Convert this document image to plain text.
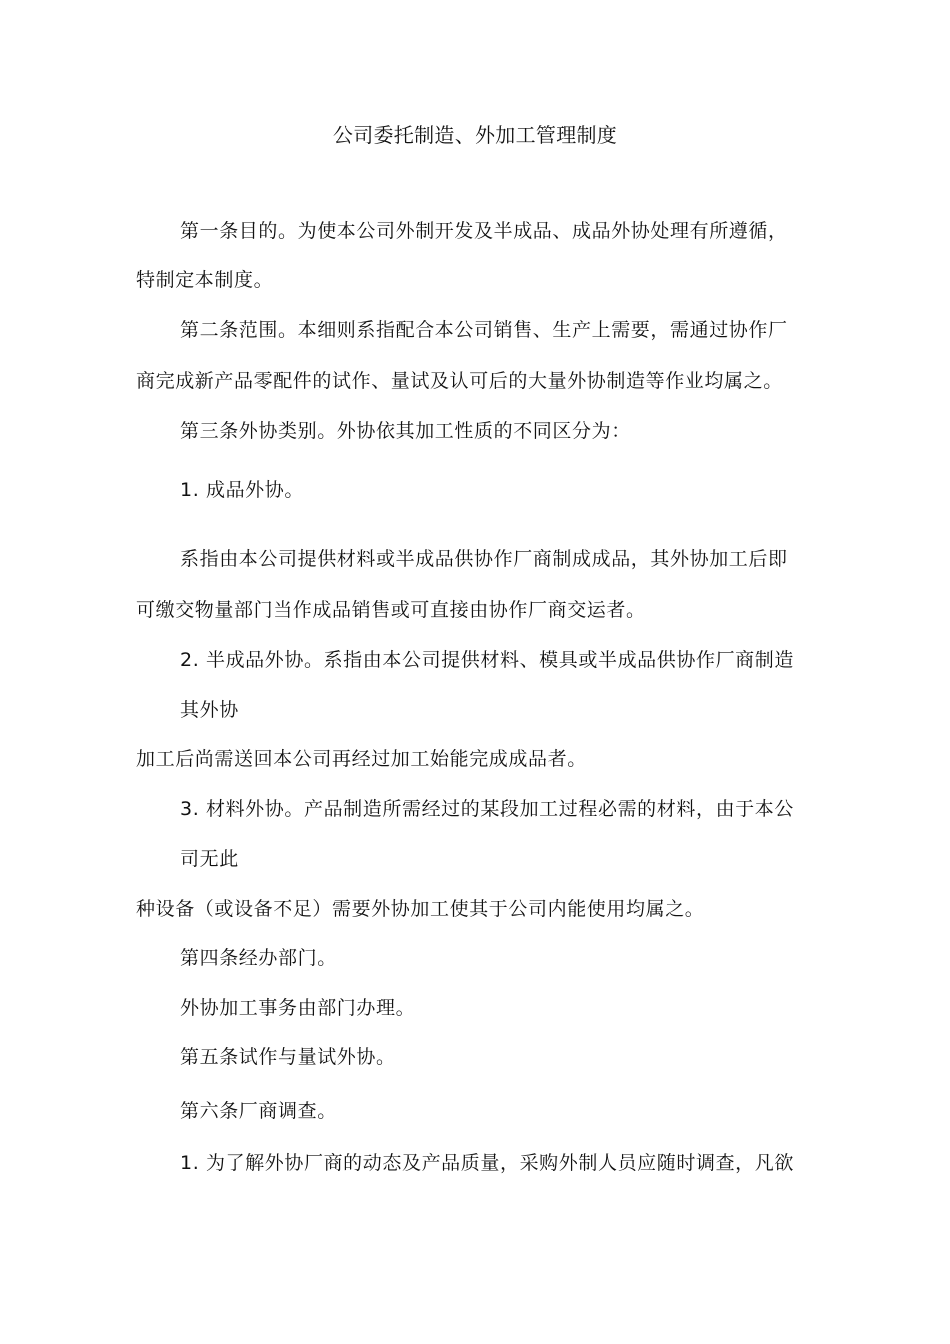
公司委托制造、外加工管理制度
第一条目的。为使本公司外制开发及半成品、成品外协处理有所遵循，
特制定本制度。
第二条范围。本细则系指配合本公司销售、生产上需要，需通过协作厂
商完成新产品零配件的试作、量试及认可后的大量外协制造等作业均属之。
第三条外协类别。外协依其加工性质的不同区分为：
1. 成品外协。
系指由本公司提供材料或半成品供协作厂商制成成品，其外协加工后即
可缴交物量部门当作成品销售或可直接由协作厂商交运者。
2. 半成品外协。系指由本公司提供材料、模具或半成品供协作厂商制造
其外协
加工后尚需送回本公司再经过加工始能完成成品者。
3. 材料外协。产品制造所需经过的某段加工过程必需的材料，由于本公
司无此
种设备（或设备不足）需要外协加工使其于公司内能使用均属之。
第四条经办部门。
外协加工事务由部门办理。
第五条试作与量试外协。
第六条厂商调查。
1. 为了解外协厂商的动态及产品质量，采购外制人员应随时调查，凡欲
